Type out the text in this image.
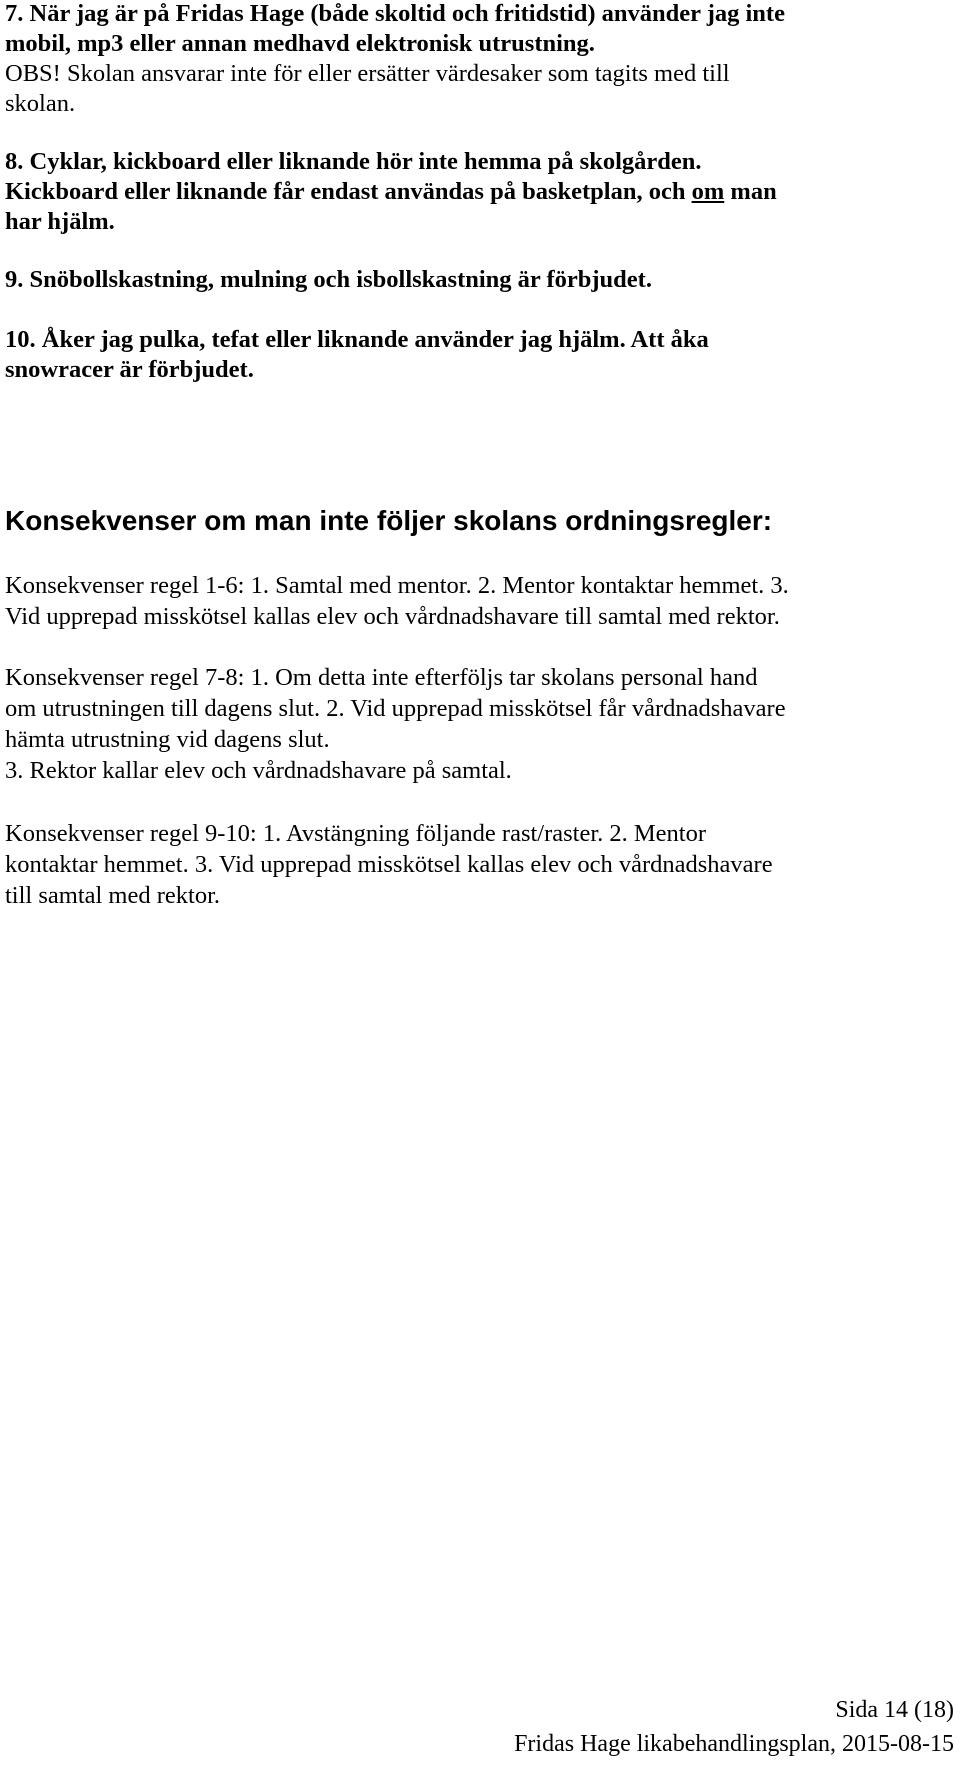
7. När jag är på Fridas Hage (både skoltid och fritidstid) använder jag inte
mobil, mp3 eller annan medhavd elektronisk utrustning.
OBS! Skolan ansvarar inte för eller ersätter värdesaker som tagits med till
skolan.
8. Cyklar, kickboard eller liknande hör inte hemma på skolgården.
Kickboard eller liknande får endast användas på basketplan, och om man
har hjälm.
9. Snöbollskastning, mulning och isbollskastning är förbjudet.
10. Åker jag pulka, tefat eller liknande använder jag hjälm. Att åka
snowracer är förbjudet.
Konsekvenser om man inte följer skolans ordningsregler:
Konsekvenser regel 1-6: 1. Samtal med mentor. 2. Mentor kontaktar hemmet. 3.
Vid upprepad misskötsel kallas elev och vårdnadshavare till samtal med rektor.
Konsekvenser regel 7-8: 1. Om detta inte efterföljs tar skolans personal hand
om utrustningen till dagens slut. 2. Vid upprepad misskötsel får vårdnadshavare
hämta utrustning vid dagens slut.
3. Rektor kallar elev och vårdnadshavare på samtal.
Konsekvenser regel 9-10: 1. Avstängning följande rast/raster. 2. Mentor
kontaktar hemmet. 3. Vid upprepad misskötsel kallas elev och vårdnadshavare
till samtal med rektor.
Sida 14 (18)
Fridas Hage likabehandlingsplan, 2015-08-15
